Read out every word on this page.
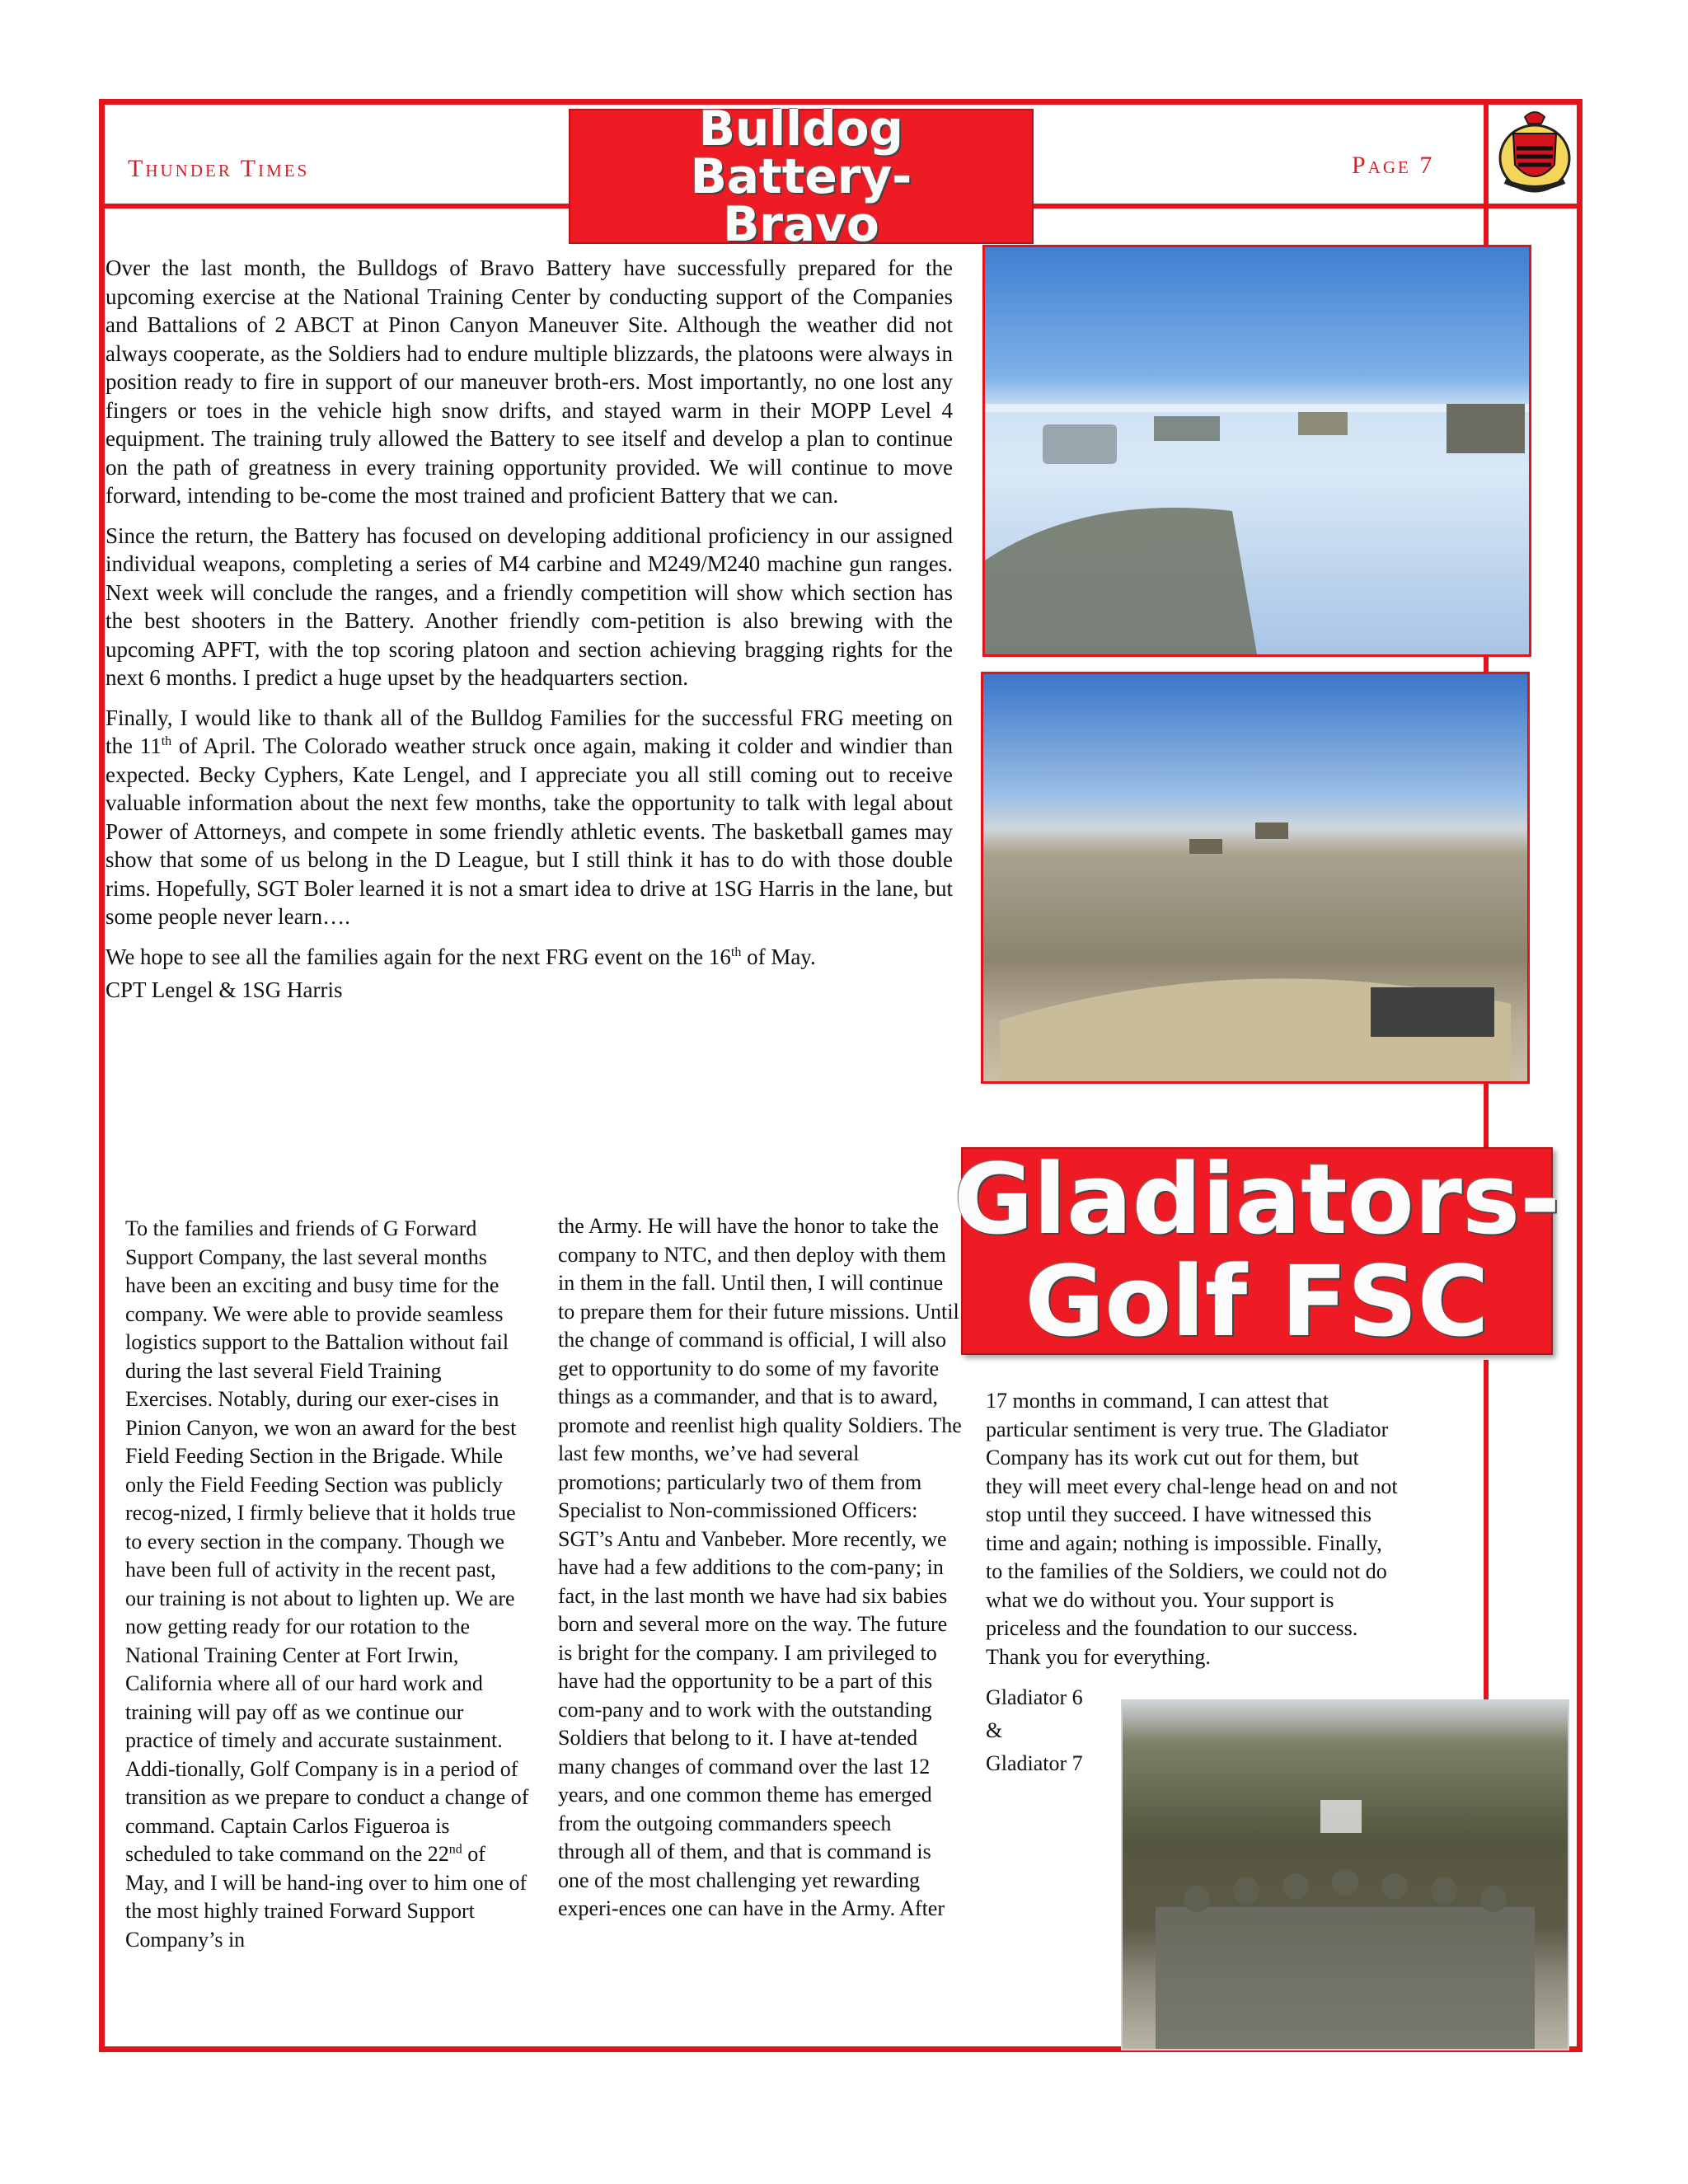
Thunder Times	Page 7
Bulldog
Battery-
Bravo

Over the last month, the Bulldogs of Bravo Battery have successfully prepared for the upcoming exercise at the National Training Center by conducting support of the Companies and Battalions of 2 ABCT at Pinon Canyon Maneuver Site. Although the weather did not always cooperate, as the Soldiers had to endure multiple blizzards, the platoons were always in position ready to fire in support of our maneuver broth-ers. Most importantly, no one lost any fingers or toes in the vehicle high snow drifts, and stayed warm in their MOPP Level 4 equipment. The training truly allowed the Battery to see itself and develop a plan to continue on the path of greatness in every training opportunity provided. We will continue to move forward, intending to be-come the most trained and proficient Battery that we can.

Since the return, the Battery has focused on developing additional proficiency in our assigned individual weapons, completing a series of M4 carbine and M249/M240 machine gun ranges. Next week will conclude the ranges, and a friendly competition will show which section has the best shooters in the Battery. Another friendly com-petition is also brewing with the upcoming APFT, with the top scoring platoon and section achieving bragging rights for the next 6 months. I predict a huge upset by the headquarters section.

Finally, I would like to thank all of the Bulldog Families for the successful FRG meeting on the 11th of April. The Colorado weather struck once again, making it colder and windier than expected. Becky Cyphers, Kate Lengel, and I appreciate you all still coming out to receive valuable information about the next few months, take the opportunity to talk with legal about Power of Attorneys, and compete in some friendly athletic events. The basketball games may show that some of us belong in the D League, but I still think it has to do with those double rims. Hopefully, SGT Boler learned it is not a smart idea to drive at 1SG Harris in the lane, but some people never learn….

We hope to see all the families again for the next FRG event on the 16th of May.

CPT Lengel & 1SG Harris

Gladiators-
Golf FSC

To the families and friends of G Forward Support Company, the last several months have been an exciting and busy time for the company. We were able to provide seamless logistics support to the Battalion without fail during the last several Field Training Exercises. Notably, during our exer-cises in Pinion Canyon, we won an award for the best Field Feeding Section in the Brigade. While only the Field Feeding Section was publicly recog-nized, I firmly believe that it holds true to every section in the company. Though we have been full of activity in the recent past, our training is not about to lighten up. We are now getting ready for our rotation to the National Training Center at Fort Irwin, California where all of our hard work and training will pay off as we continue our practice of timely and accurate sustainment. Addi-tionally, Golf Company is in a period of transition as we prepare to conduct a change of command. Captain Carlos Figueroa is scheduled to take command on the 22nd of May, and I will be hand-ing over to him one of the most highly trained Forward Support Company’s in

the Army. He will have the honor to take the company to NTC, and then deploy with them in them in the fall. Until then, I will continue to prepare them for their future missions. Until the change of command is official, I will also get to opportunity to do some of my favorite things as a commander, and that is to award, promote and reenlist high quality Soldiers. The last few months, we’ve had several promotions; particularly two of them from Specialist to Non-commissioned Officers: SGT’s Antu and Vanbeber. More recently, we have had a few additions to the com-pany; in fact, in the last month we have had six babies born and several more on the way. The future is bright for the company. I am privileged to have had the opportunity to be a part of this com-pany and to work with the outstanding Soldiers that belong to it. I have at-tended many changes of command over the last 12 years, and one common theme has emerged from the outgoing commanders speech through all of them, and that is command is one of the most challenging yet rewarding experi-ences one can have in the Army. After

17 months in command, I can attest that particular sentiment is very true. The Gladiator Company has its work cut out for them, but they will meet every chal-lenge head on and not stop until they succeed. I have witnessed this time and again; nothing is impossible. Finally, to the families of the Soldiers, we could not do what we do without you. Your support is priceless and the foundation to our success. Thank you for everything.

Gladiator 6
&
Gladiator 7
